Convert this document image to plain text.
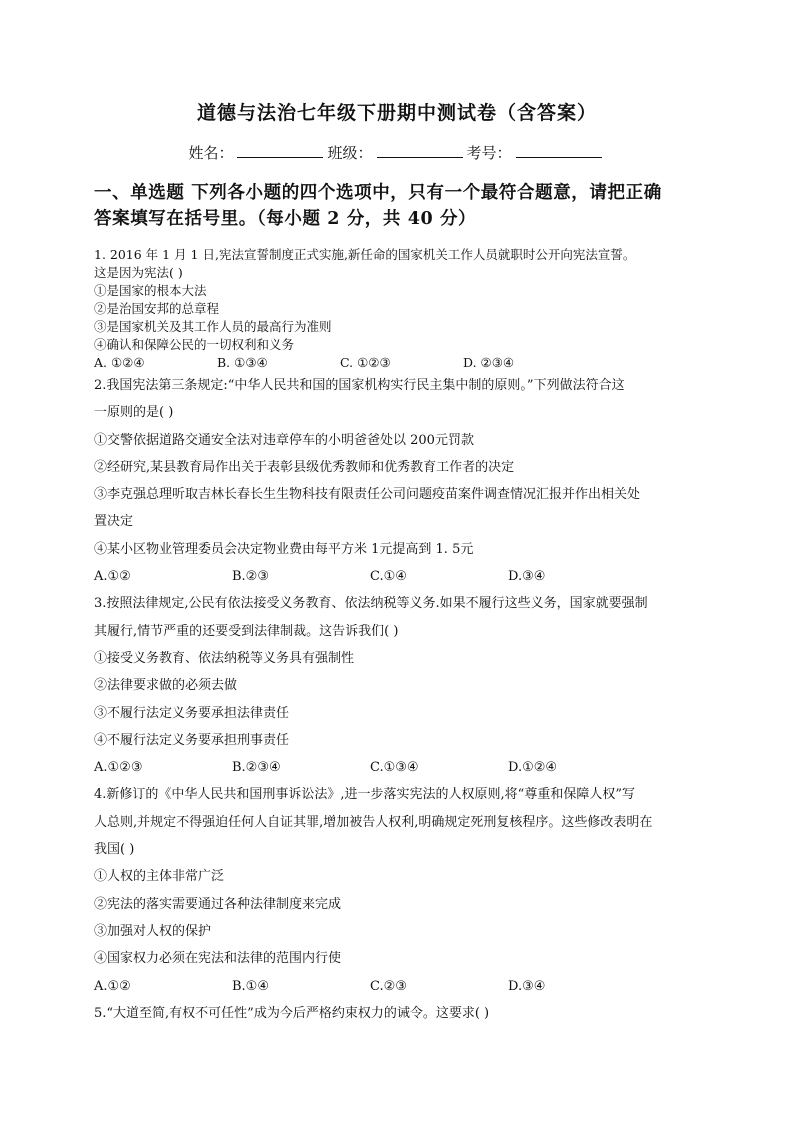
道德与法治七年级下册期中测试卷（含答案）
姓名：	班级：	考号：
一、单选题 下列各小题的四个选项中，只有一个最符合题意，请把正确
答案填写在括号里。（每小题 2 分，共 40 分）

1. 2016 年 1 月 1 日,宪法宣誓制度正式实施,新任命的国家机关工作人员就职时公开向宪法宣誓。

这是因为宪法( )

①是国家的根本大法

②是治国安邦的总章程

③是国家机关及其工作人员的最高行为准则

④确认和保障公民的一切权利和义务

A. ①②④	B. ①③④	C. ①②③	D. ②③④

2.我国宪法第三条规定:“中华人民共和国的国家机构实行民主集中制的原则。”下列做法符合这

一原则的是( )

①交警依据道路交通安全法对违章停车的小明爸爸处以 200元罚款

②经研究,某县教育局作出关于表彰县级优秀教师和优秀教育工作者的决定

③李克强总理听取吉林长春长生生物科技有限责任公司问题疫苗案件调查情况汇报并作出相关处

置决定

④某小区物业管理委员会决定物业费由每平方米 1元提高到 1. 5元

A.①②	B.②③	C.①④	D.③④

3.按照法律规定,公民有依法接受义务教育、依法纳税等义务.如果不履行这些义务，国家就要强制

其履行,情节严重的还要受到法律制裁。这告诉我们( )

①接受义务教育、依法纳税等义务具有强制性

②法律要求做的必须去做

③不履行法定义务要承担法律责任

④不履行法定义务要承担刑事责任

A.①②③	B.②③④	C.①③④	D.①②④

4.新修订的《中华人民共和国刑事诉讼法》,进一步落实宪法的人权原则,将“尊重和保障人权”写

人总则,并规定不得强迫任何人自证其罪,增加被告人权利,明确规定死刑复核程序。这些修改表明在

我国( )

①人权的主体非常广泛

②宪法的落实需要通过各种法律制度来完成

③加强对人权的保护

④国家权力必须在宪法和法律的范围内行使

A.①②	B.①④	C.②③	D.③④

5.“大道至简,有权不可任性”成为今后严格约束权力的诫令。这要求( )
